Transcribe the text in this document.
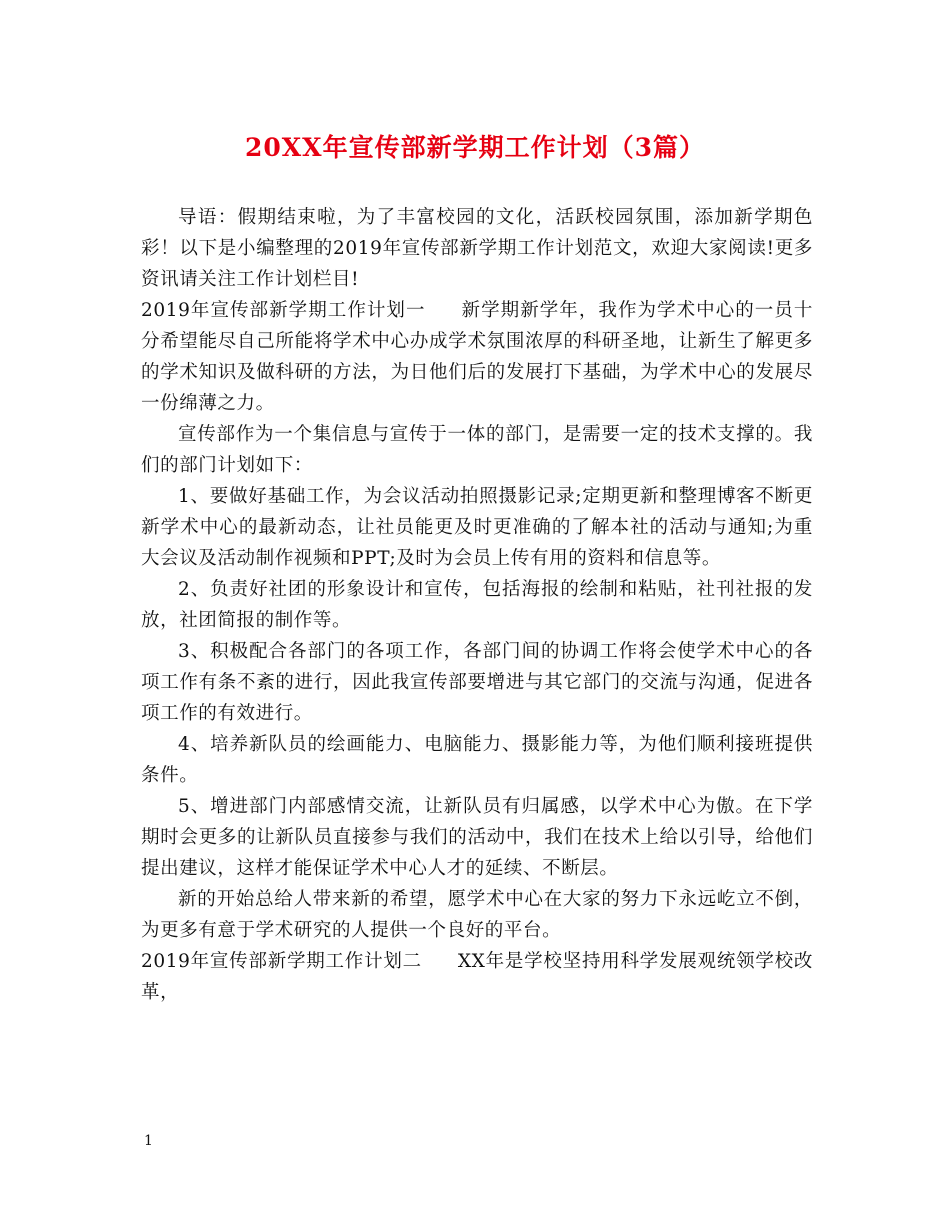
20XX年宣传部新学期工作计划（3篇）

导语：假期结束啦，为了丰富校园的文化，活跃校园氛围，添加新学期色彩！以下是小编整理的2019年宣传部新学期工作计划范文，欢迎大家阅读!更多资讯请关注工作计划栏目!

2019年宣传部新学期工作计划一 新学期新学年，我作为学术中心的一员十分希望能尽自己所能将学术中心办成学术氛围浓厚的科研圣地，让新生了解更多的学术知识及做科研的方法，为日他们后的发展打下基础，为学术中心的发展尽一份绵薄之力。

宣传部作为一个集信息与宣传于一体的部门，是需要一定的技术支撑的。我们的部门计划如下：

1、要做好基础工作，为会议活动拍照摄影记录;定期更新和整理博客不断更新学术中心的最新动态，让社员能更及时更准确的了解本社的活动与通知;为重大会议及活动制作视频和PPT;及时为会员上传有用的资料和信息等。

2、负责好社团的形象设计和宣传，包括海报的绘制和粘贴，社刊社报的发放，社团简报的制作等。

3、积极配合各部门的各项工作，各部门间的协调工作将会使学术中心的各项工作有条不紊的进行，因此我宣传部要增进与其它部门的交流与沟通，促进各项工作的有效进行。

4、培养新队员的绘画能力、电脑能力、摄影能力等，为他们顺利接班提供条件。

5、增进部门内部感情交流，让新队员有归属感，以学术中心为傲。在下学期时会更多的让新队员直接参与我们的活动中，我们在技术上给以引导，给他们提出建议，这样才能保证学术中心人才的延续、不断层。

新的开始总给人带来新的希望，愿学术中心在大家的努力下永远屹立不倒，为更多有意于学术研究的人提供一个良好的平台。

2019年宣传部新学期工作计划二 XX年是学校坚持用科学发展观统领学校改革，

1
